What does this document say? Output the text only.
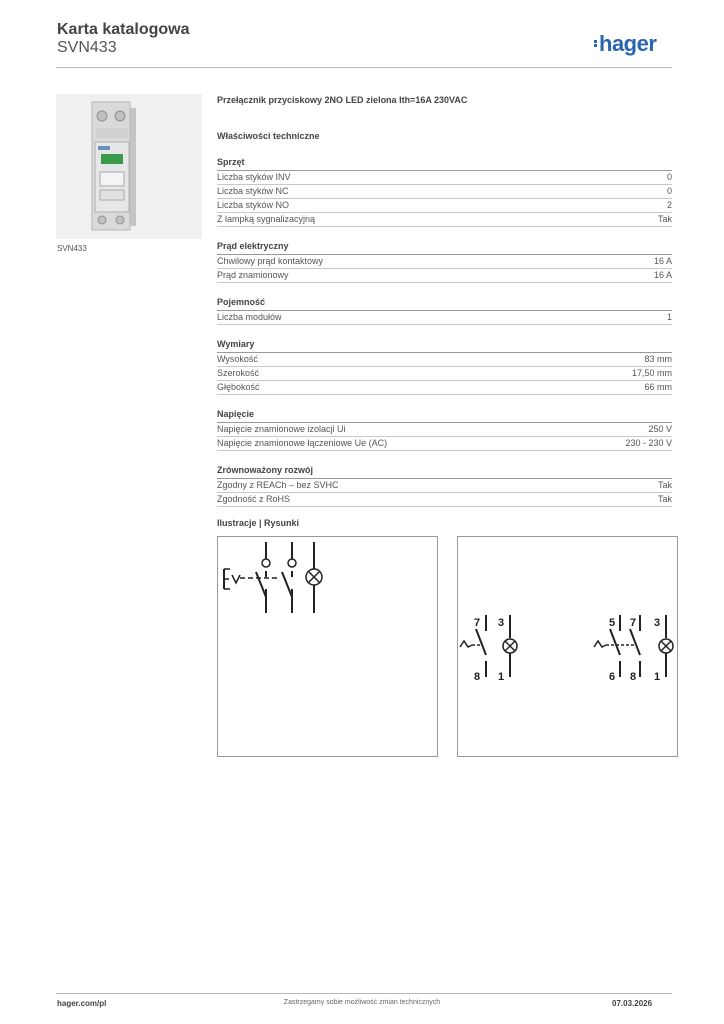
Karta katalogowa
SVN433	hager
SVN433
Przełącznik przyciskowy 2NO LED zielona Ith=16A 230VAC
Właściwości techniczne
Sprzęt
Liczba styków INV	0
Liczba styków NC	0
Liczba styków NO	2
Z lampką sygnalizacyjną	Tak
Prąd elektryczny
Chwilowy prąd kontaktowy	16 A
Prąd znamionowy	16 A
Pojemność
Liczba modułów	1
Wymiary
Wysokość	83 mm
Szerokość	17,50 mm
Głębokość	66 mm
Napięcie
Napięcie znamionowe izolacji Ui	250 V
Napięcie znamionowe łączeniowe Ue (AC)	230 - 230 V
Zrównoważony rozwój
Zgodny z REACh – bez SVHC	Tak
Zgodność z RoHS	Tak
Ilustracje | Rysunki
7 3
8 1
5 7 3
6 8 1
hager.com/pl	Zastrzegamy sobie możliwość zmian technicznych	07.03.2026
